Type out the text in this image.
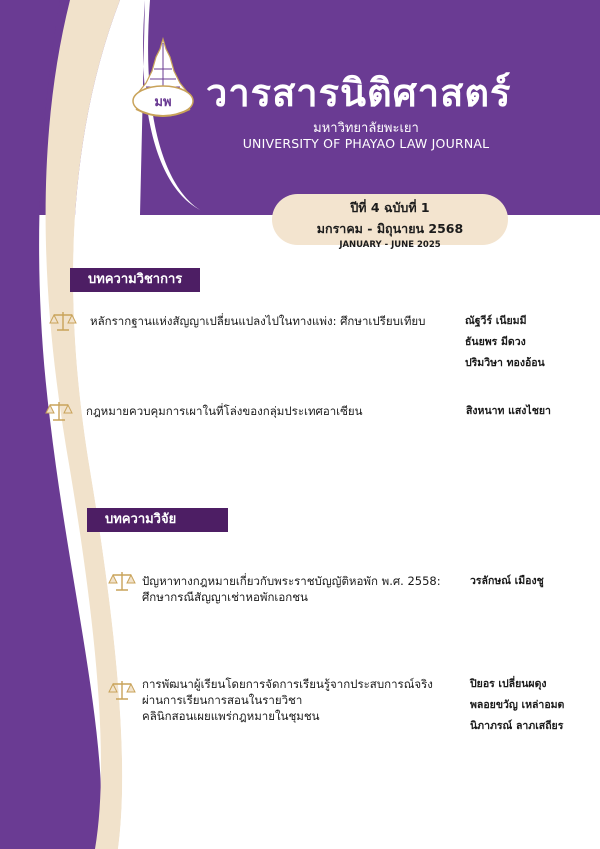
มพ วารสารนิติศาสตร์
มหาวิทยาลัยพะเยา
UNIVERSITY OF PHAYAO LAW JOURNAL
ปีที่ 4 ฉบับที่ 1
มกราคม - มิถุนายน 2568
JANUARY - JUNE 2025
บทความวิชาการ
หลักรากฐานแห่งสัญญาเปลี่ยนแปลงไปในทางแพ่ง: ศึกษาเปรียบเทียบ	ณัฐวีร์ เนียมมี
ธันยพร มีดวง
ปริมวิษา ทองอ้อน
กฎหมายควบคุมการเผาในที่โล่งของกลุ่มประเทศอาเซียน	สิงหนาท แสงไชยา
บทความวิจัย
ปัญหาทางกฎหมายเกี่ยวกับพระราชบัญญัติหอพัก พ.ศ. 2558:
ศึกษากรณีสัญญาเช่าหอพักเอกชน
วรลักษณ์ เมืองชู
การพัฒนาผู้เรียนโดยการจัดการเรียนรู้จากประสบการณ์จริง
ผ่านการเรียนการสอนในรายวิชา
คลินิกสอนเผยแพร่กฎหมายในชุมชน
ปิยอร เปลี่ยนผดุง
พลอยขวัญ เหล่าอมต
นิภาภรณ์ ลาภเสถียร
